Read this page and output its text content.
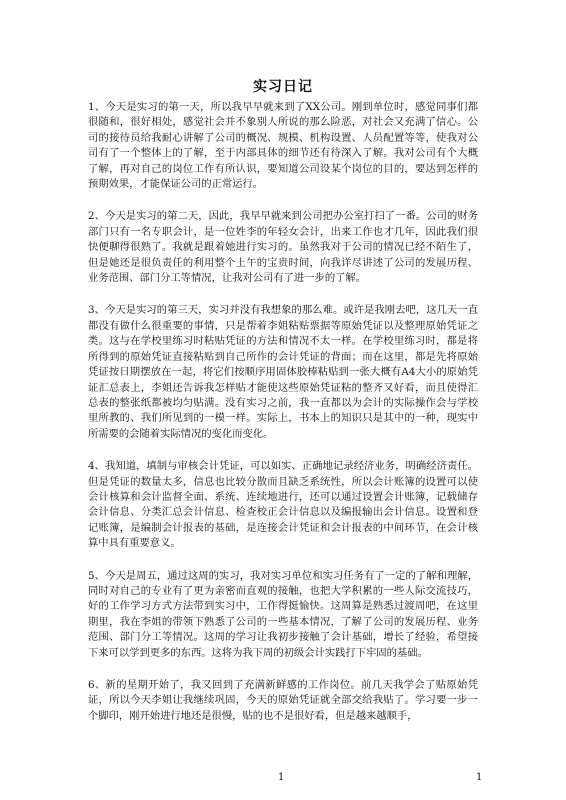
实习日记

1、今天是实习的第一天，所以我早早就来到了XX公司。刚到单位时，感觉同事们都很随和，很好相处，感觉社会并不象别人所说的那么险恶，对社会又充满了信心。公司的接待员给我耐心讲解了公司的概况、规模、机构设置、人员配置等等，使我对公司有了一个整体上的了解，至于内部具体的细节还有待深入了解。我对公司有个大概了解，再对自己的岗位工作有所认识，要知道公司设某个岗位的目的，要达到怎样的预期效果，才能保证公司的正常运行。

2、今天是实习的第二天，因此，我早早就来到公司把办公室打扫了一番。公司的财务部门只有一名专职会计，是一位姓李的年轻女会计，出来工作也才几年，因此我们很快便聊得很熟了。我就是跟着她进行实习的。虽然我对于公司的情况已经不陌生了，但是她还是很负责任的利用整个上午的宝贵时间，向我详尽讲述了公司的发展历程、业务范围、部门分工等情况，让我对公司有了进一步的了解。

3、今天是实习的第三天，实习并没有我想象的那么难。或许是我刚去吧，这几天一直都没有做什么很重要的事情，只是帮着李姐粘贴票据等原始凭证以及整理原始凭证之类。这与在学校里练习时粘贴凭证的方法和情况不太一样。在学校里练习时，都是将所得到的原始凭证直接粘贴到自己所作的会计凭证的背面；而在这里，都是先将原始凭证按日期摆放在一起，将它们按顺序用固体胶棒粘贴到一张大概有A4大小的原始凭证汇总表上，李姐还告诉我怎样贴才能使这些原始凭证粘的整齐又好看，而且使得汇总表的整张纸都被均匀贴满。没有实习之前，我一直都以为会计的实际操作会与学校里所教的、我们所见到的一模一样。实际上，书本上的知识只是其中的一种，现实中所需要的会随着实际情况的变化而变化。

4、我知道，填制与审核会计凭证，可以如实、正确地记录经济业务，明确经济责任。但是凭证的数量太多，信息也比较分散而且缺乏系统性，所以会计账簿的设置可以使会计核算和会计监督全面、系统、连续地进行，还可以通过设置会计账簿，记载储存会计信息、分类汇总会计信息、检查校正会计信息以及编报输出会计信息。设置和登记账簿，是编制会计报表的基础，是连接会计凭证和会计报表的中间环节，在会计核算中具有重要意义。

5、今天是周五，通过这周的实习，我对实习单位和实习任务有了一定的了解和理解，同时对自己的专业有了更为亲密而直观的接触，也把大学积累的一些人际交流技巧，好的工作学习方式方法带到实习中，工作得挺愉快。这周算是熟悉过渡周吧，在这里期里，我在李姐的带领下熟悉了公司的一些基本情况，了解了公司的发展历程、业务范围、部门分工等情况。这周的学习让我初步接触了会计基础，增长了经验，希望接下来可以学到更多的东西。这将为我下周的初级会计实践打下牢固的基础。

6、新的星期开始了，我又回到了充满新鲜感的工作岗位。前几天我学会了贴原始凭证，所以今天李姐让我继续巩固，今天的原始凭证就全部交给我贴了。学习要一步一个脚印，刚开始进行地还是很慢，贴的也不是很好看，但是越来越顺手，

1	1
